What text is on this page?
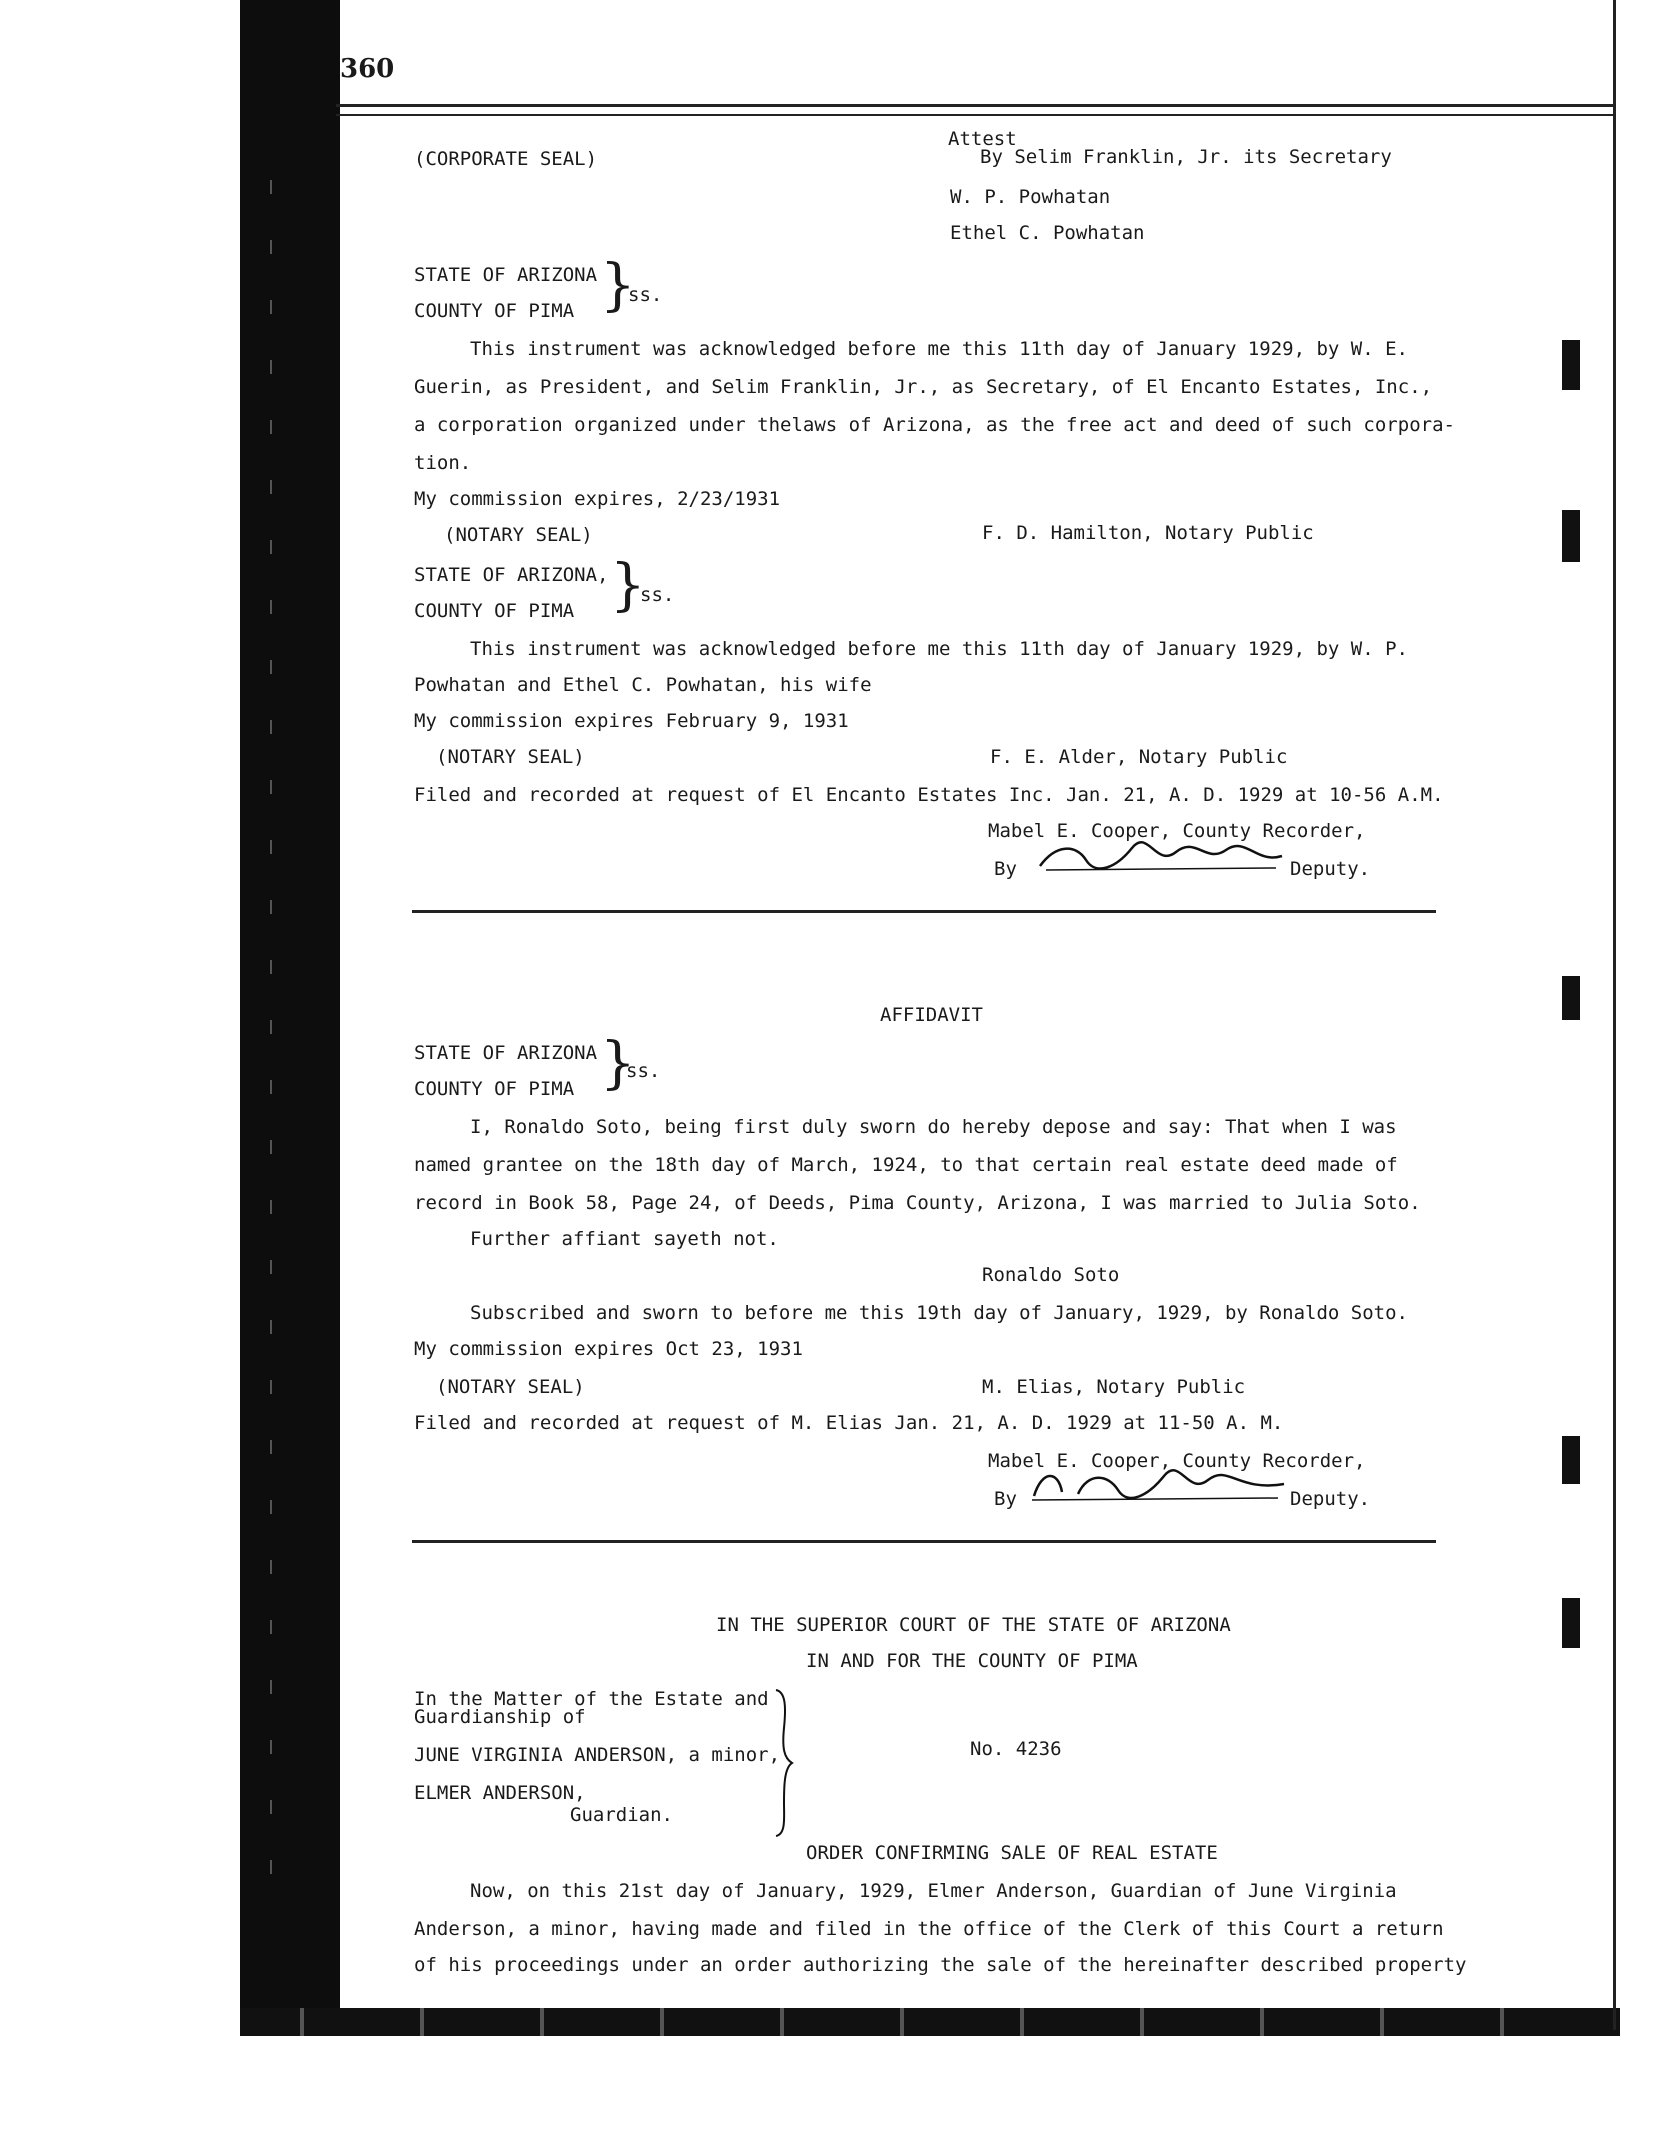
360
(CORPORATE SEAL)
Attest
By Selim Franklin, Jr. its Secretary
W. P. Powhatan
Ethel C. Powhatan
STATE OF ARIZONA
COUNTY OF PIMA }
ss.
This instrument was acknowledged before me this 11th day of January 1929, by W. E.
Guerin, as President, and Selim Franklin, Jr., as Secretary, of El Encanto Estates, Inc.,
a corporation organized under thelaws of Arizona, as the free act and deed of such corpora-
tion.
My commission expires, 2/23/1931
(NOTARY SEAL)	F. D. Hamilton, Notary Public
STATE OF ARIZONA,
COUNTY OF PIMA }
ss.
This instrument was acknowledged before me this 11th day of January 1929, by W. P.
Powhatan and Ethel C. Powhatan, his wife
My commission expires February 9, 1931
(NOTARY SEAL)	F. E. Alder, Notary Public
Filed and recorded at request of El Encanto Estates Inc. Jan. 21, A. D. 1929 at 10-56 A.M.
Mabel E. Cooper, County Recorder,
By	Deputy.
AFFIDAVIT
STATE OF ARIZONA
COUNTY OF PIMA }
ss.
I, Ronaldo Soto, being first duly sworn do hereby depose and say: That when I was
named grantee on the 18th day of March, 1924, to that certain real estate deed made of
record in Book 58, Page 24, of Deeds, Pima County, Arizona, I was married to Julia Soto.
Further affiant sayeth not.
Ronaldo Soto
Subscribed and sworn to before me this 19th day of January, 1929, by Ronaldo Soto.
My commission expires Oct 23, 1931
(NOTARY SEAL)	M. Elias, Notary Public
Filed and recorded at request of M. Elias Jan. 21, A. D. 1929 at 11-50 A. M.
Mabel E. Cooper, County Recorder,
By	Deputy.
IN THE SUPERIOR COURT OF THE STATE OF ARIZONA
IN AND FOR THE COUNTY OF PIMA
In the Matter of the Estate and
Guardianship of
JUNE VIRGINIA ANDERSON, a minor,
ELMER ANDERSON,
Guardian.
No. 4236
ORDER CONFIRMING SALE OF REAL ESTATE
Now, on this 21st day of January, 1929, Elmer Anderson, Guardian of June Virginia
Anderson, a minor, having made and filed in the office of the Clerk of this Court a return
of his proceedings under an order authorizing the sale of the hereinafter described property
